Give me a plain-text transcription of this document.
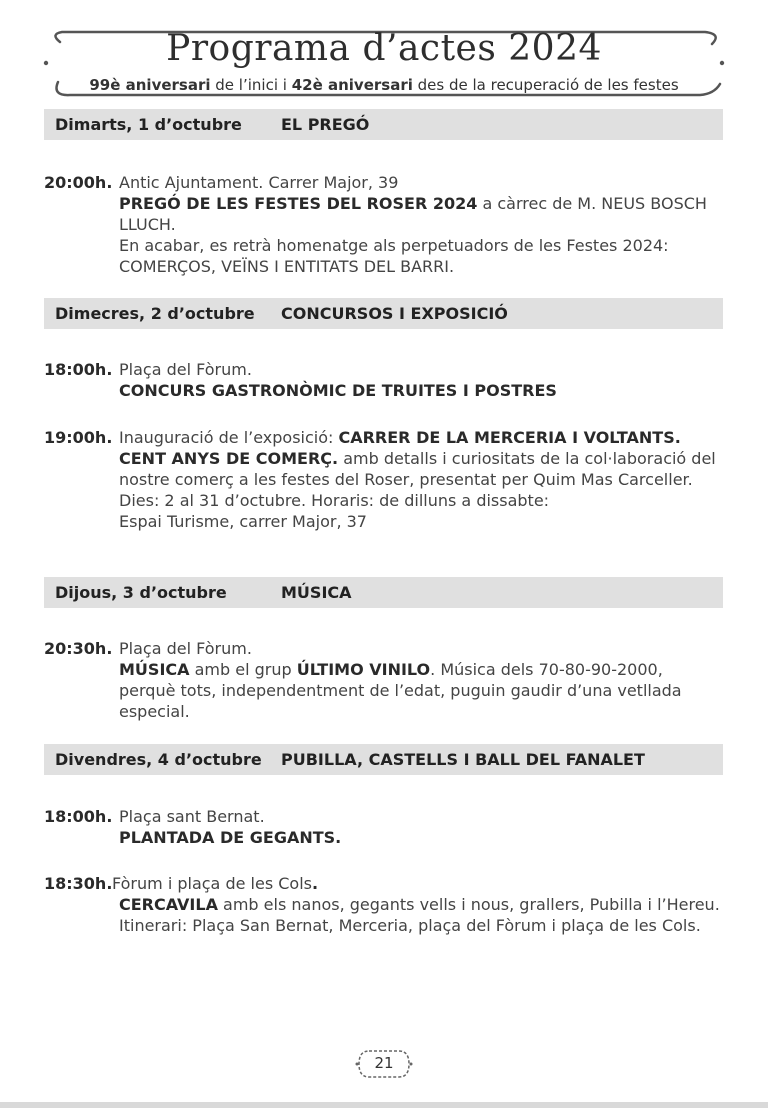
Programa d’actes 2024
99è aniversari de l’inici i 42è aniversari des de la recuperació de les festes
Dimarts, 1 d’octubre EL PREGÓ
20:00h. Antic Ajuntament. Carrer Major, 39
PREGÓ DE LES FESTES DEL ROSER 2024 a càrrec de M. NEUS BOSCH LLUCH.
En acabar, es retrà homenatge als perpetuadors de les Festes 2024: COMERÇOS, VEÏNS I ENTITATS DEL BARRI.
Dimecres, 2 d’octubre CONCURSOS I EXPOSICIÓ
18:00h. Plaça del Fòrum.
CONCURS GASTRONÒMIC DE TRUITES I POSTRES
19:00h. Inauguració de l’exposició: CARRER DE LA MERCERIA I VOLTANTS.
CENT ANYS DE COMERÇ. amb detalls i curiositats de la col·laboració del nostre comerç a les festes del Roser, presentat per Quim Mas Carceller.
Dies: 2 al 31 d’octubre. Horaris: de dilluns a dissabte:
Espai Turisme, carrer Major, 37
Dijous, 3 d’octubre	MÚSICA
20:30h. Plaça del Fòrum.
MÚSICA amb el grup ÚLTIMO VINILO. Música dels 70-80-90-2000, perquè tots, independentment de l’edat, puguin gaudir d’una vetllada especial.
Divendres, 4 d’octubre PUBILLA, CASTELLS I BALL DEL FANALET
18:00h. Plaça sant Bernat.
PLANTADA DE GEGANTS.
18:30h. Fòrum i plaça de les Cols.
CERCAVILA amb els nanos, gegants vells i nous, grallers, Pubilla i l’Hereu.
Itinerari: Plaça San Bernat, Merceria, plaça del Fòrum i plaça de les Cols.
21
